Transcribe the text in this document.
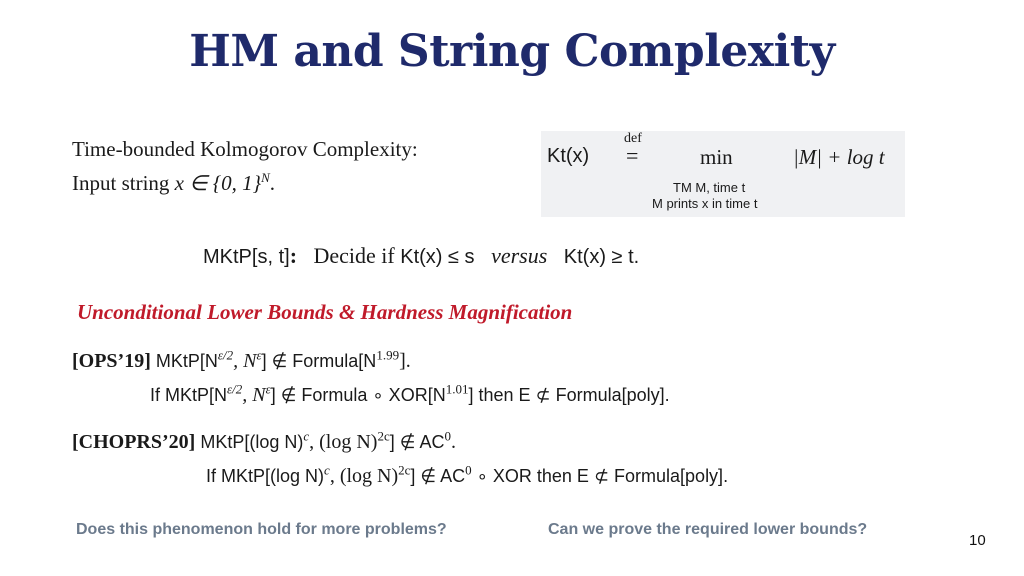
HM and String Complexity
Time-bounded Kolmogorov Complexity:
Input string x ∈ {0, 1}$^N$.
Kt(x)
def
=	min	|M| + log t
TM M, time t
M prints x in time t
MKtP[s, t]: Decide if Kt(x) ≤ s versus Kt(x) ≥ t.
Unconditional Lower Bounds & Hardness Magnification
[OPS’19] $MKtP[N^{\varepsilon/2}$, $N^\varepsilon$] ∉ $Formula[N^{1.99}]$.
If $MKtP[N^{\varepsilon/2}$, $N^\varepsilon$] ∉ Formula ∘ $XOR[N^{1.01}]$ then E ⊄ Formula[poly].
[CHOPRS’20] MKtP[(log N)$^c$, (log N)$^{2c}$] ∉ $AC^0$.
If MKtP[(log N)$^c$, (log N)$^{2c}$] ∉ $AC^0$ ∘ XOR then E ⊄ Formula[poly].
Does this phenomenon hold for more problems?	Can we prove the required lower bounds?
10
